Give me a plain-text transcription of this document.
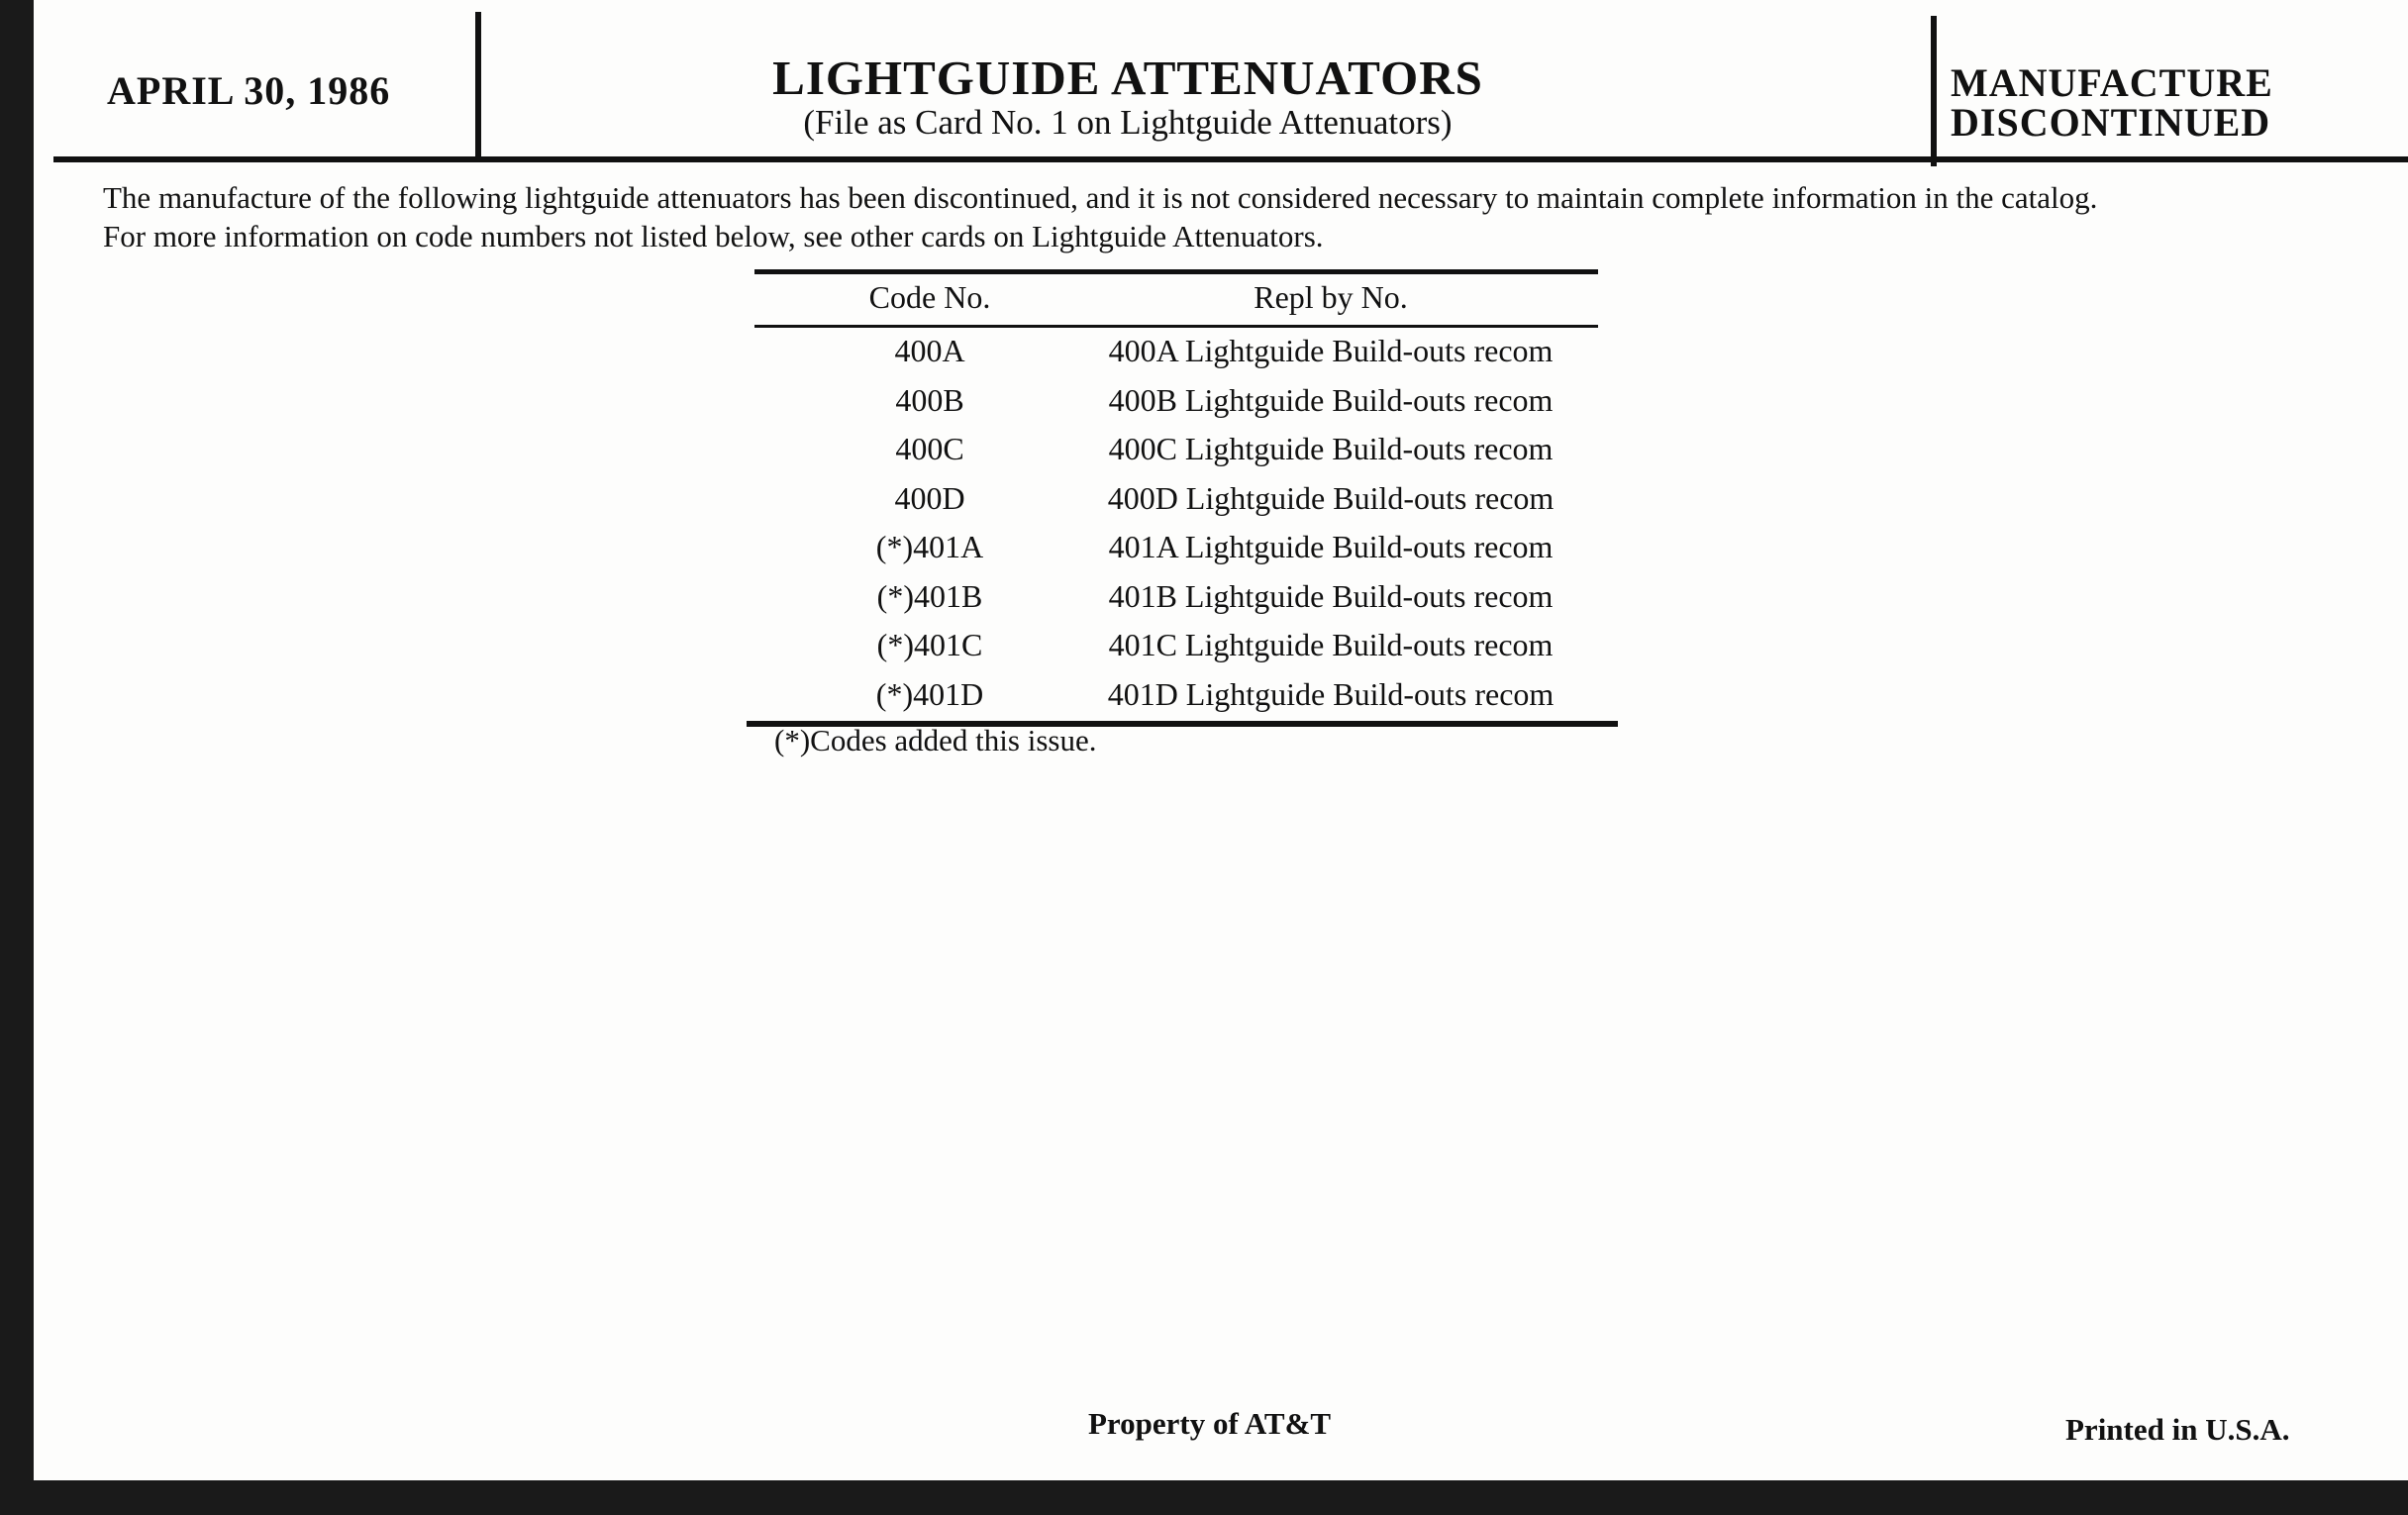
APRIL 30, 1986	LIGHTGUIDE ATTENUATORS
(File as Card No. 1 on Lightguide Attenuators)
MANUFACTURE
DISCONTINUED
The manufacture of the following lightguide attenuators has been discontinued, and it is not considered necessary to maintain complete information in the catalog.
For more information on code numbers not listed below, see other cards on Lightguide Attenuators.
Code No.	Repl by No.
400A	400A Lightguide Build-outs recom
400B	400B Lightguide Build-outs recom
400C	400C Lightguide Build-outs recom
400D	400D Lightguide Build-outs recom
(*)401A	401A Lightguide Build-outs recom
(*)401B	401B Lightguide Build-outs recom
(*)401C	401C Lightguide Build-outs recom
(*)401D	401D Lightguide Build-outs recom
(*)Codes added this issue.
Property of AT&T	Printed in U.S.A.
